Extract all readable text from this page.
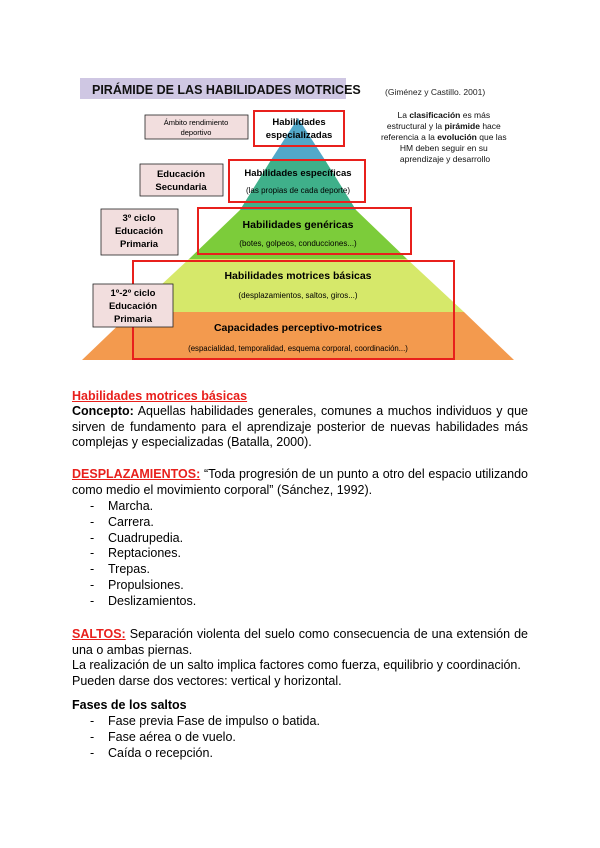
PIRÁMIDE DE LAS HABILIDADES MOTRICES	(Giménez y Castillo. 2001)
Habilidades
especializadas
Habilidades específicas
(las propias de cada deporte)
Habilidades genéricas
(botes, golpeos, conducciones...)
Habilidades motrices básicas
(desplazamientos, saltos, giros...)
Capacidades perceptivo-motrices
(espacialidad, temporalidad, esquema corporal, coordinación...)
Ámbito rendimiento
deportivo
Educación
Secundaria
3º ciclo
Educación
Primaria
1º-2º ciclo
Educación
Primaria
La clasificación es más estructural y la pirámide hace referencia a la evolución que las HM deben seguir en su aprendizaje y desarrollo
Habilidades motrices básicas
Concepto: Aquellas habilidades generales, comunes a muchos individuos y que sirven de fundamento para el aprendizaje posterior de nuevas habilidades más complejas y especializadas (Batalla, 2000).
DESPLAZAMIENTOS: “Toda progresión de un punto a otro del espacio utilizando como medio el movimiento corporal” (Sánchez, 1992).
- Marcha.
- Carrera.
- Cuadrupedia.
- Reptaciones.
- Trepas.
- Propulsiones.
- Deslizamientos.
SALTOS: Separación violenta del suelo como consecuencia de una extensión de una o ambas piernas.
La realización de un salto implica factores como fuerza, equilibrio y coordinación.
Pueden darse dos vectores: vertical y horizontal.
Fases de los saltos
- Fase previa Fase de impulso o batida.
- Fase aérea o de vuelo.
- Caída o recepción.
